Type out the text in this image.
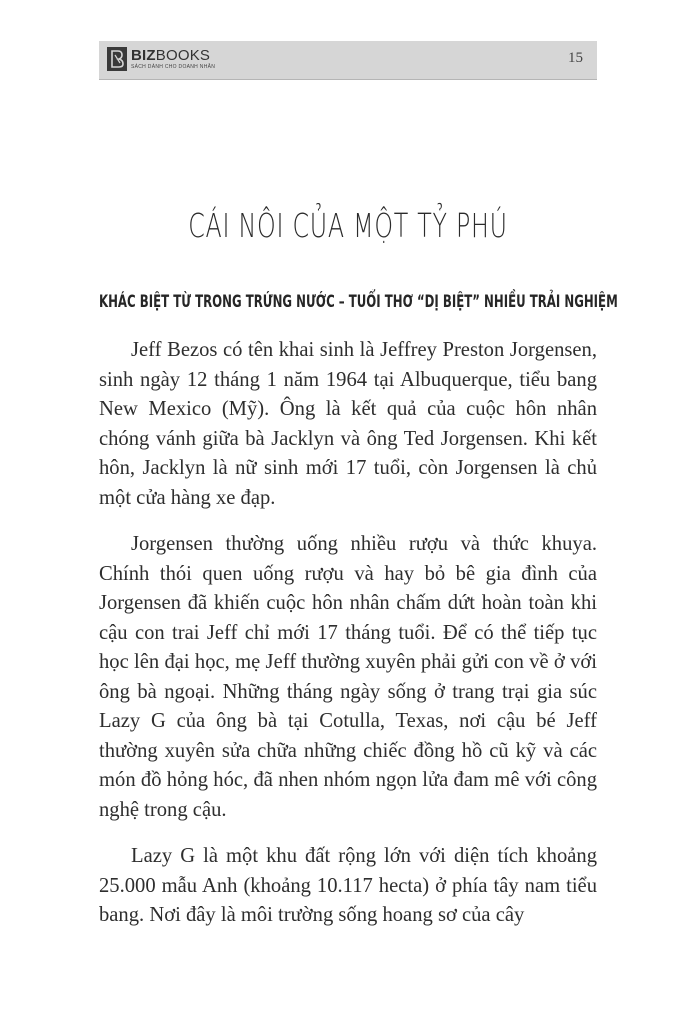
BIZBOOKS
SÁCH DÀNH CHO DOANH NHÂN
15
CÁI NÔI CỦA MỘT TỶ PHÚ
KHÁC BIỆT TỪ TRONG TRỨNG NƯỚC – TUỔI THƠ “DỊ BIỆT” NHIỀU TRẢI NGHIỆM

Jeff Bezos có tên khai sinh là Jeffrey Preston Jorgensen, sinh ngày 12 tháng 1 năm 1964 tại Albuquerque, tiểu bang New Mexico (Mỹ). Ông là kết quả của cuộc hôn nhân chóng vánh giữa bà Jacklyn và ông Ted Jorgensen. Khi kết hôn, Jacklyn là nữ sinh mới 17 tuổi, còn Jorgensen là chủ một cửa hàng xe đạp.

Jorgensen thường uống nhiều rượu và thức khuya. Chính thói quen uống rượu và hay bỏ bê gia đình của Jorgensen đã khiến cuộc hôn nhân chấm dứt hoàn toàn khi cậu con trai Jeff chỉ mới 17 tháng tuổi. Để có thể tiếp tục học lên đại học, mẹ Jeff thường xuyên phải gửi con về ở với ông bà ngoại. Những tháng ngày sống ở trang trại gia súc Lazy G của ông bà tại Cotulla, Texas, nơi cậu bé Jeff thường xuyên sửa chữa những chiếc đồng hồ cũ kỹ và các món đồ hỏng hóc, đã nhen nhóm ngọn lửa đam mê với công nghệ trong cậu.

Lazy G là một khu đất rộng lớn với diện tích khoảng 25.000 mẫu Anh (khoảng 10.117 hecta) ở phía tây nam tiểu bang. Nơi đây là môi trường sống hoang sơ của cây
